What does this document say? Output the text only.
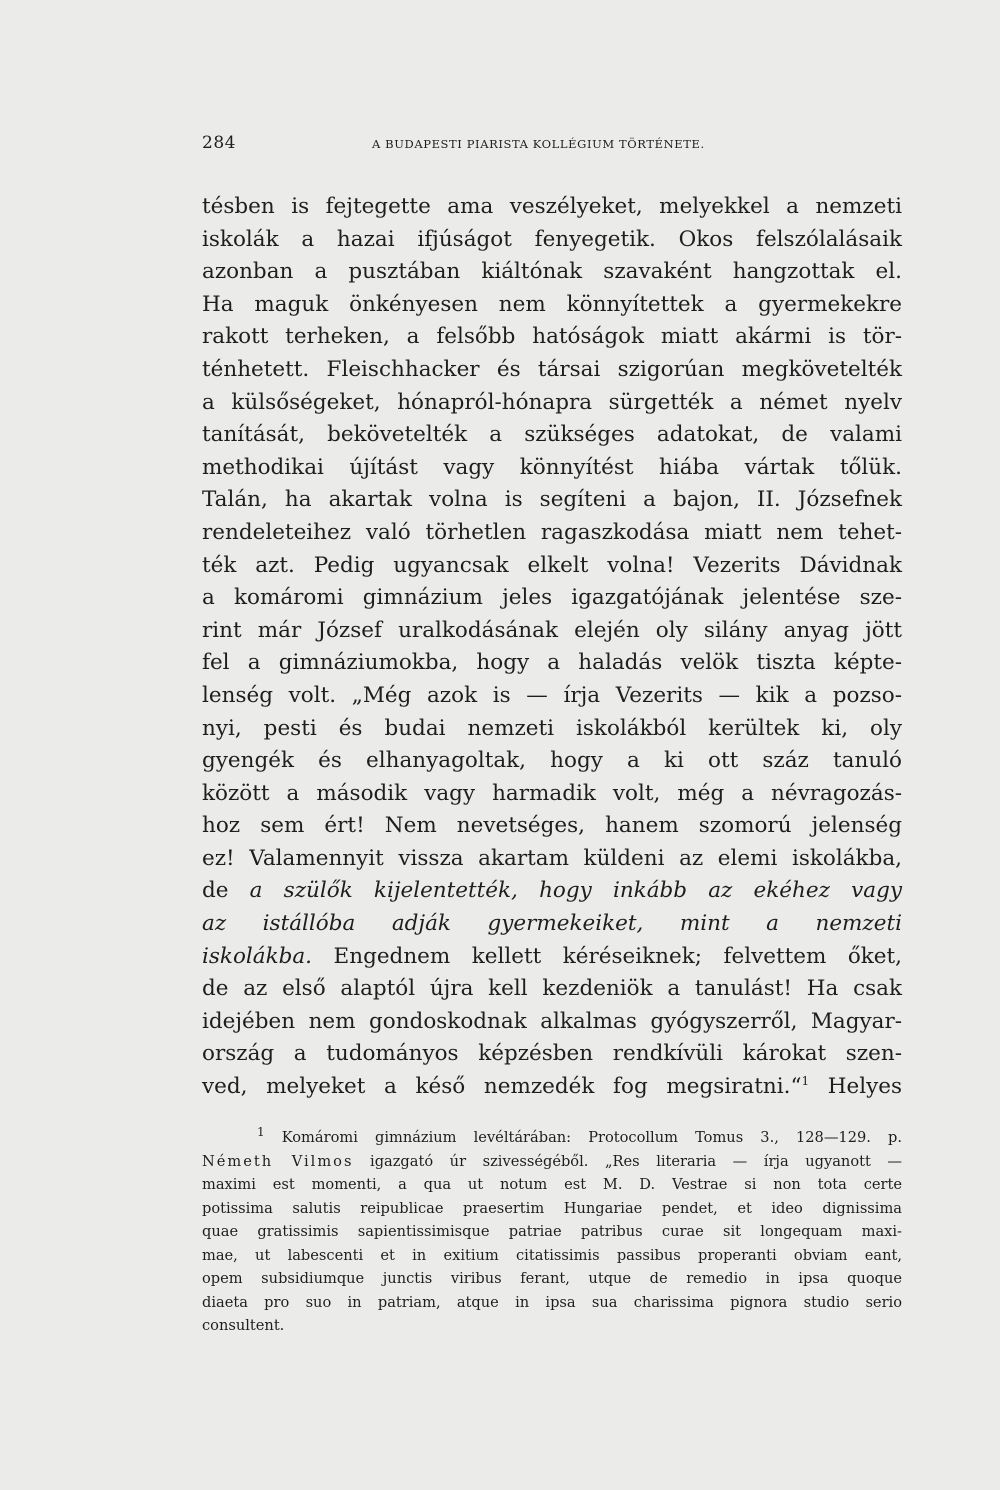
284	A BUDAPESTI PIARISTA KOLLÉGIUM TÖRTÉNETE.
tésben is fejtegette ama veszélyeket, melyekkel a nemzeti
iskolák a hazai ifjúságot fenyegetik. Okos felszólalásaik
azonban a pusztában kiáltónak szavaként hangzottak el.
Ha maguk önkényesen nem könnyítettek a gyermekekre
rakott terheken, a felsőbb hatóságok miatt akármi is tör-
ténhetett. Fleischhacker és társai szigorúan megkövetelték
a külsőségeket, hónapról-hónapra sürgették a német nyelv
tanítását, bekövetelték a szükséges adatokat, de valami
methodikai újítást vagy könnyítést hiába vártak tőlük.
Talán, ha akartak volna is segíteni a bajon, II. Józsefnek
rendeleteihez való törhetlen ragaszkodása miatt nem tehet-
ték azt. Pedig ugyancsak elkelt volna! Vezerits Dávidnak
a komáromi gimnázium jeles igazgatójának jelentése sze-
rint már József uralkodásának elején oly silány anyag jött
fel a gimnáziumokba, hogy a haladás velök tiszta képte-
lenség volt. „Még azok is — írja Vezerits — kik a pozso-
nyi, pesti és budai nemzeti iskolákból kerültek ki, oly
gyengék és elhanyagoltak, hogy a ki ott száz tanuló
között a második vagy harmadik volt, még a névragozás-
hoz sem ért! Nem nevetséges, hanem szomorú jelenség
ez! Valamennyit vissza akartam küldeni az elemi iskolákba,
de a szülők kijelentették, hogy inkább az ekéhez vagy
az istállóba adják gyermekeiket, mint a nemzeti
iskolákba. Engednem kellett kéréseiknek; felvettem őket,
de az első alaptól újra kell kezdeniök a tanulást! Ha csak
idejében nem gondoskodnak alkalmas gyógyszerről, Magyar-
ország a tudományos képzésben rendkívüli károkat szen-
ved, melyeket a késő nemzedék fog megsiratni.“$^1$ Helyes
$^1$ Komáromi gimnázium levéltárában: Protocollum Tomus 3., 128—129. p.
Németh Vilmos igazgató úr szivességéből. „Res literaria — írja ugyanott —
maximi est momenti, a qua ut notum est M. D. Vestrae si non tota certe
potissima salutis reipublicae praesertim Hungariae pendet, et ideo dignissima
quae gratissimis sapientissimisque patriae patribus curae sit longequam maxi-
mae, ut labescenti et in exitium citatissimis passibus properanti obviam eant,
opem subsidiumque junctis viribus ferant, utque de remedio in ipsa quoque
diaeta pro suo in patriam, atque in ipsa sua charissima pignora studio serio
consultent.
